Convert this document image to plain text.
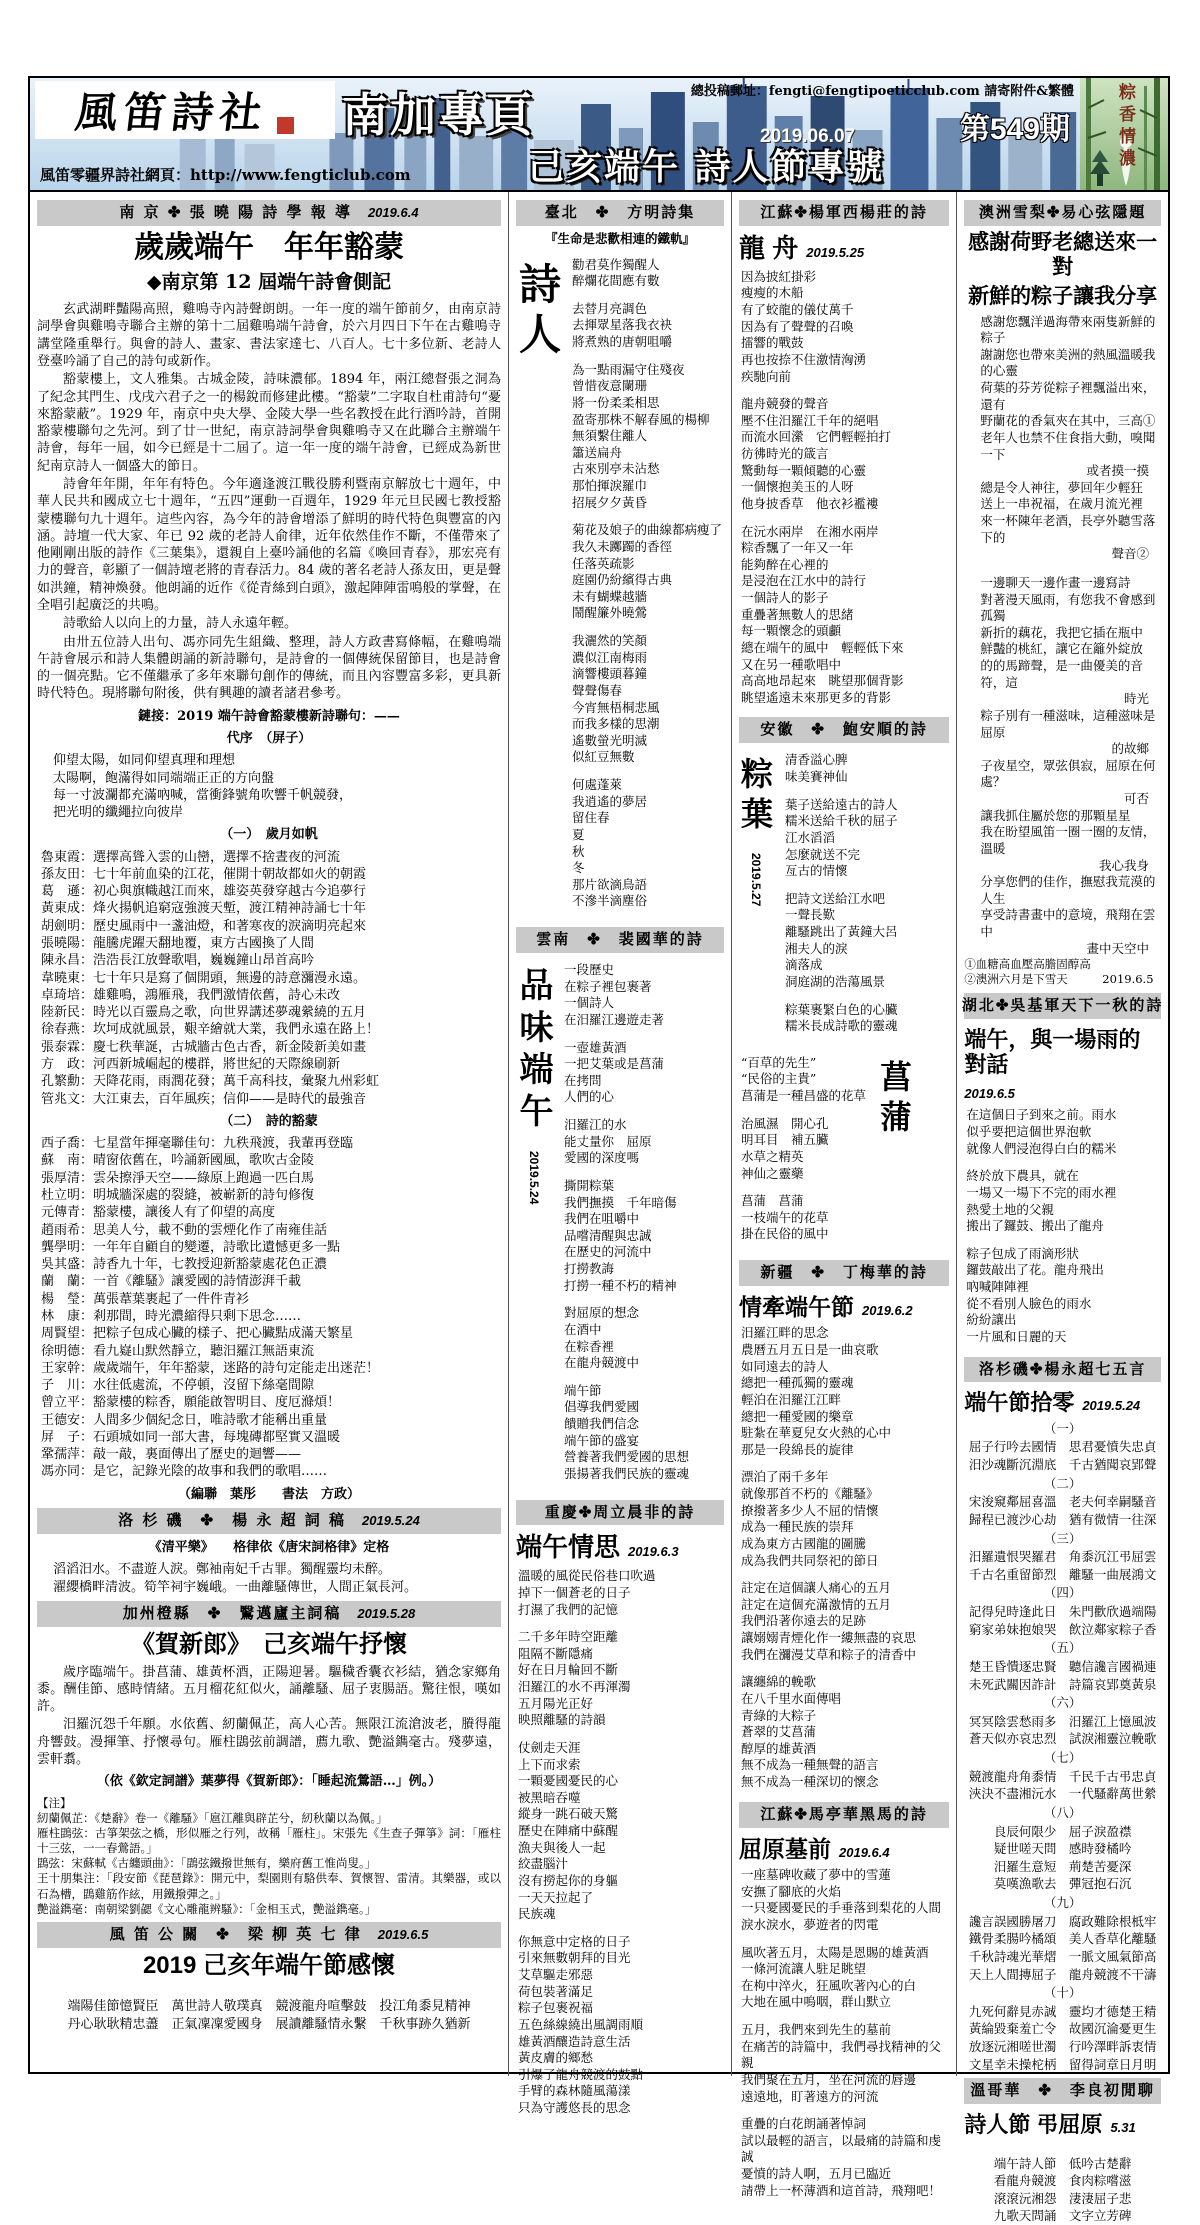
風笛詩社 南加專頁	總投稿郵址：fengti@fengtipoeticclub.com 請寄附件&繁體
2019.06.07	第549期
風笛零疆界詩社網頁：http://www.fengticlub.com	己亥端午 詩人節專號	粽香情濃
南 京 ✤ 張 曉 陽 詩 學 報 導 2019.6.4
歲歲端午　年年豁蒙
◆南京第 12 屆端午詩會側記
玄武湖畔豔陽高照，雞鳴寺內詩聲朗朗。一年一度的端午節前夕，由南京詩詞學會與雞鳴寺聯合主辦的第十二屆雞鳴端午詩會，於六月四日下午在古雞鳴寺講堂隆重舉行。與會的詩人、畫家、書法家達七、八百人。七十多位新、老詩人登臺吟誦了自己的詩句或新作。
豁蒙樓上，文人雅集。古城金陵，詩味濃郁。1894 年，兩江總督張之洞為了紀念其門生、戊戌六君子之一的楊銳而修建此樓。“豁蒙”二字取自杜甫詩句“憂來豁蒙蔽”。1929 年，南京中央大學、金陵大學一些名教授在此行酒吟詩，首開豁蒙樓聯句之先河。到了廿一世紀，南京詩詞學會與雞鳴寺又在此聯合主辦端午詩會，每年一屆，如今已經是十二屆了。這一年一度的端午詩會，已經成為新世紀南京詩人一個盛大的節日。
詩會年年開，年年有特色。今年適逢渡江戰役勝利暨南京解放七十週年，中華人民共和國成立七十週年，“五四”運動一百週年，1929 年元旦民國七教授豁蒙樓聯句九十週年。這些內容，為今年的詩會增添了鮮明的時代特色與豐富的內涵。詩壇一代大家、年已 92 歲的老詩人俞律，近年依然佳作不斷，不僅帶來了他剛剛出版的詩作《三葉集》，還親自上臺吟誦他的名篇《喚回青春》，那宏亮有力的聲音，彰顯了一個詩壇老將的青春活力。84 歲的著名老詩人孫友田，更是聲如洪鐘，精神煥發。他朗誦的近作《從青絲到白頭》，激起陣陣雷鳴般的掌聲，在全唱引起廣泛的共鳴。
詩歌給人以向上的力量，詩人永遠年輕。
由卅五位詩人出句、馮亦同先生組織、整理，詩人方政書寫條幅，在雞鳴端午詩會展示和詩人集體朗誦的新詩聯句，是詩會的一個傳統保留節目，也是詩會的一個亮點。它不僅繼承了多年來聯句創作的傳統，而且內容豐富多彩，更具新時代特色。現將聯句附後，供有興趣的讀者諸君參考。
鏈接：2019 端午詩會豁蒙樓新詩聯句：——
代序　（屏子）
仰望太陽，如同仰望真理和理想
太陽啊，飽滿得如同端端正正的方向盤
每一寸波瀾都充滿吶喊，當衝鋒號角吹響千帆競發，
把光明的纖繩拉向彼岸
（一）　歲月如帆
魯東霞：選擇高聳入雲的山巒，選擇不捨晝夜的河流
孫友田：七十年前血染的江花，催開十朝故都如火的朝霞
葛　遜：初心與旗幟越江而來，雄姿英發穿越古今追夢行
黃東成：烽火揚帆追窮寇強渡天塹，渡江精神詩誦七十年
胡劍明：歷史風雨中一盞油燈，和著寒夜的淚滴明亮起來
張曉陽：龍騰虎躍天翻地覆，東方古國換了人間
陳永昌：浩浩長江放聲歌唱，巍巍鐘山昂首高吟
韋曉東：七十年只是寫了個開頭，無邊的詩意瀰漫永遠。
卓琦培：雄雞鳴，鴻雁飛，我們激情依舊，詩心未改
陸新民：時光以百靈鳥之歌，向世界講述夢魂縈繞的五月
徐春燕：坎坷成就風景，艱辛繪就大業，我們永遠在路上！
張泰霖：慶七秩華誕，古城牆古色古香，新金陵新美如畫
方　政：河西新城崛起的樓群，將世紀的天際線刷新
孔繁勳：天降花雨，雨潤花發；萬千高科技，彙聚九州彩虹
管兆文：大江東去，百年風疾；信仰——是時代的最強音
（二）　詩的豁蒙
西子喬：七星當年揮毫聯佳句：九秩飛渡，我輩再登臨
蘇　南：晴窗依舊在，吟誦新國風，歌吹古金陵
張厚清：雲朵擦淨天空——綠原上跑過一匹白馬
杜立明：明城牆深處的裂縫，被嶄新的詩句修復
元傳青：豁蒙樓，讓後人有了仰望的高度
趙雨希：思美人兮，載不動的雲煙化作了南雍佳話
龔學明：一年年自顧自的變遷，詩歌比遺憾更多一點
吳其盛：詩香九十年，七教授迎新豁蒙處花色正濃
蘭　蘭：一首《離騷》讓愛國的詩情澎湃千載
楊　瑩：萬張葦葉裹起了一件件青衫
林　康：剎那間，時光濃縮得只剩下思念……
周賢望：把粽子包成心臟的樣子、把心臟點成滿天繁星
徐明德：看九嶷山默然靜立，聽汨羅江無語東流
王家幹：歲歲端午，年年豁蒙，迷路的詩句定能走出迷茫！
子　川：水往低處流，不停頓，沒留下絲毫間隙
曾立平：豁蒙樓的粽香，願能啟智明目、度厄滌煩！
王德安：人間多少個紀念日，唯詩歌才能稱出重量
屏　子：石頭城如同一部大書，每塊磚都堅實又溫暖
鞏孺萍：敲一敲，裏面傳出了歷史的迴響——
馮亦同：是它，記錄光陰的故事和我們的歌唱……
（編聯　葉彤　　書法　方政）
洛 杉 磯　✤　楊 永 超 詞 稿 2019.5.24
《清平樂》　　格律依《唐宋詞格律》定格
滔滔汨水。不盡遊人淚。鄭袖南妃千古罪。獨醒靈均未醉。
濯纓橋畔清波。筍竿祠宇巍峨。一曲離騷傳世，人間正氣長河。
加州橙縣　✤　鷖邁廬主詞稿 2019.5.28
《賀新郎》　己亥端午抒懷
歲序臨端午。掛菖蒲、雄黃杯酒，正陽迎暑。驅穢香囊衣衫結，猶念家鄉角黍。酬佳節、感時情緒。五月榴花紅似火，誦離騷、屈子衷腸語。驚往恨，嘆如許。
汨羅沉怨千年願。水依舊、紉蘭佩芷，高人心苦。無限江流滄波老，賸得龍舟響鼓。漫揮筆、抒懷尋句。雁柱鵾弦前調譜，薦九歌、艷溢鐫毫古。殘夢遠，雲軒翥。
（依《欽定詞譜》葉夢得《賀新郎》：「睡起流鶯語…」例。）
【注】
紉蘭佩芷：《楚辭》卷一《離騷》「扈江離與辟芷兮，紉秋蘭以為佩。」
雁柱鵾弦：古箏架弦之橋，形似雁之行列，故稱「雁柱」。宋張先《生查子彈箏》詞：「雁柱十三弦，一一春鶯語。」
鵾弦：宋蘇軾《古纏頭曲》：「鵾弦鐵撥世無有，樂府舊工惟尚叟。」
王十朋集注：「段安節《琵琶錄》：開元中，梨園則有駱供奉、賀懷智、雷清。其樂器，或以石為槽，鵾雞筋作絃，用鐵撥彈之。」
艷溢鐫毫：南朝梁劉勰《文心雕龍辨騷》：「金相玉式，艷溢鐫毫。」
風 笛 公 關　✤　梁 柳 英 七 律 2019.6.5
2019 己亥年端午節感懷
端陽佳節憶賢臣　萬世詩人敬璞真　競渡龍舟喧擊鼓　投江角黍見精神
丹心耿耿精忠藎　正氣凜凜愛國身　展讀離騷情永繫　千秋事跡久猶新
臺北　✤　方明詩集
『生命是悲歡相連的鐵軌』
詩人 勸君莫作獨醒人
醉爛花間應有數
去替月亮調色
去揮眾星落我衣袂
將煮熟的唐朝咀嚼
為一點雨漏守住殘夜
曾惜夜意闌珊
將一份柔柔相思
盈寄那株不解春風的楊柳
無須繫住離人
簫送扁舟
古來別亭未沾愁
那怕揮淚羅巾
招展夕夕黃昏
菊花及娘子的曲線都病瘦了
我久未躑躅的香徑
任落英疏影
庭園仍紛繽得古典
未有蝴蝶越牆
鬧醒簾外曉鶯
我灑然的笑顏
濃似江南梅雨
滴響樓頭暮鐘
聲聲傷春
今宵無梧桐悲風
而我多樣的思潮
遙數螢光明滅
似紅豆無數
何處蓬萊
我逍遙的夢居
留住春
夏
秋
冬
那片欲滴鳥語
不滲半滴塵俗
雲南　✤　裴國華的詩
品味端午
2019.5.24
一段歷史
在粽子裡包裹著
一個詩人
在汨羅江邊遊走著
一壺雄黃酒
一把艾葉或是菖蒲
在拷問
人們的心
汨羅江的水
能丈量你　屈原
愛國的深度嗎
撕開粽葉
我們撫摸　千年暗傷
我們在咀嚼中
品嚐清醒與忠誠
在歷史的河流中
打撈教誨
打撈一種不朽的精神
對屈原的想念
在酒中
在粽香裡
在龍舟競渡中
端午節
倡導我們愛國
饋贈我們信念
端午節的盛宴
營養著我們愛國的思想
張揚著我們民族的靈魂
重慶✤周立晨非的詩
端午情思 2019.6.3
溫暖的風從民俗巷口吹過
掉下一個蒼老的日子
打濕了我們的記憶
二千多年時空距離
阻隔不斷隱痛
好在日月輪回不斷
汨羅江的水不再渾濁
五月陽光正好
映照離騷的詩韻
仗劍走天涯
上下而求索
一顆憂國憂民的心
被黑暗吞噬
縱身一跳石破天驚
歷史在陣痛中蘇醒
漁夫與後人一起
絞盡腦汁
沒有撈起你的身軀
一天天拉起了
民族魂
你無意中定格的日子
引來無數朝拜的目光
艾草驅走邪惡
荷包裝著滿足
粽子包裹祝福
五色絲線繞出風調雨順
雄黃酒釀造詩意生活
黃皮膚的鄉愁
引爆了龍舟競渡的鼓點
手臂的森林隨風蕩漾
只為守護悠長的思念
江蘇✤楊軍西楊莊的詩
龍 舟 2019.5.25
因為披紅掛彩
瘦瘦的木船
有了蛟龍的儀仗萬千
因為有了聲聲的召喚
擂響的戰鼓
再也按捺不住激情洶湧
疾馳向前
龍舟競發的聲音
壓不住汨羅江千年的絕唱
而流水回瀠　它們輕輕拍打
彷彿時光的箴言
驚動每一顆傾聽的心靈
一個懷抱美玉的人呀
他身披香草　他衣衫襤褸
在沅水兩岸　在湘水兩岸
粽香飄了一年又一年
能夠醉在心裡的
是浸泡在江水中的詩行
一個詩人的影子
重疊著無數人的思緒
每一顆懷念的頭顱
總在端午的風中　輕輕低下來
又在另一種歌唱中
高高地昂起來　眺望那個背影
眺望遙遠未來那更多的背影
安徽　✤　鮑安順的詩
粽葉
2019.5.27
清香溢心脾
味美賽神仙
葉子送給遠古的詩人
糯米送給千秋的屈子
江水滔滔
怎麼就送不完
亙古的情懷
把詩文送給江水吧
一聲長歎
離騷跳出了黃鐘大呂
湘夫人的淚
滴落成
洞庭湖的浩蕩風景
粽葉裹緊白色的心臟
糯米長成詩歌的靈魂
菖蒲
“百草的先生”
“民俗的主貴”
菖蒲是一種昌盛的花草
治風濕　開心孔
明耳目　補五臟
水草之精英
神仙之靈藥
菖蒲　菖蒲
一枝端午的花草
掛在民俗的風中
新疆　✤　丁梅華的詩
情牽端午節 2019.6.2
汨羅江畔的思念
農曆五月五日是一曲哀歌
如同遠去的詩人
總把一種孤獨的靈魂
輕泊在汨羅江江畔
總把一種愛國的樂章
駐紮在華夏兒女火熱的心中
那是一段綿長的旋律
漂泊了兩千多年
就像那首不朽的《離騷》
撩撥著多少人不屈的情懷
成為一種民族的崇拜
成為東方古國龍的圖騰
成為我們共同祭祀的節日
註定在這個讓人痛心的五月
註定在這個充滿激情的五月
我們沿著你遠去的足跡
讓嫋嫋青煙化作一縷無盡的哀思
我們在瀰漫艾草和粽子的清香中
讓纏綿的輓歌
在八千里水面傳唱
青綠的大粽子
蒼翠的艾菖蒲
醇厚的雄黃酒
無不成為一種無聲的語言
無不成為一種深切的懷念
江蘇✤馬亭華黑馬的詩
屈原墓前 2019.6.4
一座墓碑收藏了夢中的雪蓮
安撫了腳底的火焰
一只憂國憂民的手垂落到梨花的人間
淚水淚水，夢遊者的閃電
風吹著五月，太陽是恩賜的雄黃酒
一條河流讓人駐足眺望
在枸中淬火，狂風吹著內心的白
大地在風中嗚咽，群山默立
五月，我們來到先生的墓前
在痛苦的詩篇中，我們尋找精神的父親
我們聚在五月，坐在河流的唇邊
遠遠地，盯著遠方的河流
重疊的白花朗誦著悼詞
試以最輕的語言，以最痛的詩篇和虔誠
憂憤的詩人啊，五月已臨近
請帶上一杯薄酒和這首詩，飛翔吧！
澳洲雪梨✤易心弦隱題
感謝荷野老總送來一對
新鮮的粽子讓我分享
感謝您飄洋過海帶來兩隻新鮮的粽子
謝謝您也帶來美洲的熱風溫暖我的心靈
荷葉的芬芳從粽子裡飄溢出來，還有
野蘭花的香氣夾在其中，三高①
老年人也禁不住食指大動，嗅聞一下
或者摸一摸
總是令人神往，夢回年少輕狂
送上一串祝福，在歲月流光裡
來一杯陳年老酒，長亭外聽雪落下的
聲音②
一邊聊天一邊作畫一邊寫詩
對著漫天風雨，有您我不會感到孤獨
新折的藕花，我把它插在瓶中
鮮豔的桃紅，讓它在籬外綻放
的的馬蹄聲，是一曲優美的音符，這
時光
粽子別有一種滋味，這種滋味是屈原
的故鄉
子夜星空，眾弦俱寂，屈原在何處？
可否
讓我抓住屬於您的那顆星星
我在盼望風笛一圈一圈的友情，溫暖
我心我身
分享您們的佳作，撫慰我荒漠的人生
享受詩書畫中的意境，飛翔在雲中
畫中天空中
①血糖高血壓高膽固醇高
②澳洲六月是下雪天　　　2019.6.5
湖北✤吳基軍天下一秋的詩
端午，與一場雨的對話
2019.6.5
在這個日子到來之前。雨水
似乎要把這個世界泡軟
就像人們浸泡得白白的糯米
終於放下農具，就在
一場又一場下不完的雨水裡
熱愛土地的父親
搬出了鑼鼓、搬出了龍舟
粽子包成了雨滴形狀
鑼鼓敲出了花。龍舟飛出
吶喊陣陣裡
從不看別人臉色的雨水
紛紛讓出
一片風和日麗的天
洛杉磯✤楊永超七五言
端午節拾零 2019.5.24
（一）
屈子行吟去國情　思君憂憤失忠貞
汨沙魂斷沉淵底　千古猶聞哀郢聲
（二）
宋浚窺鄰屈喜溫　老夫何幸嗣騷音
歸程已渡沙心劫　猶有微情一往深
（三）
汨羅遺恨哭羅君　角黍沉江弔屈雲
千古名重留節烈　離騷一曲展鴻文
（四）
記得兒時逢此日　朱門歡欣過端陽
窮家弟妹抱娘哭　飲泣鄰家粽子香
（五）
楚王昏憒逐忠賢　聽信讒言國禍連
未死武關因詐計　詩篇哀郢奠黃泉
（六）
冥冥陰雲愁雨多　汨羅江上憶風波
蒼天似亦哀忠烈　試淚湘靈泣輓歌
（七）
競渡龍舟角黍情　千民千古弔忠貞
浹決不盡湘沅水　一代騷辭萬世縈
（八）
良辰何限少　屈子淚盈襟
疑世嗟天問　感時發橘吟
汨羅生意短　荊楚苦憂深
莫嘆漁歌去　彈冠抱石沉
（九）
讒言誤國勝屠刀　腐政難除根柢牢
鐵骨柔腸吟橘頌　美人香草化離騷
千秋詩魂光華熠　一脈文風氣節高
天上人間摶屈子　龍舟競渡不干濤
（十）
九死何辭見赤誠　靈均才德楚王精
黃綸毀棄羞亡令　故國沉淪憂更生
放逐沅湘嗟世濁　行吟澤畔訴衷情
文星幸未操柁柄　留得詞章日月明
溫哥華　✤　李良初閒聊
詩人節 弔屈原 5.31
端午詩人節　低吟古楚辭
看龍舟競渡　食肉粽嚐滋
滾滾沅湘怨　淒淒屈子悲
九歌天問誦　文字立芳碑
